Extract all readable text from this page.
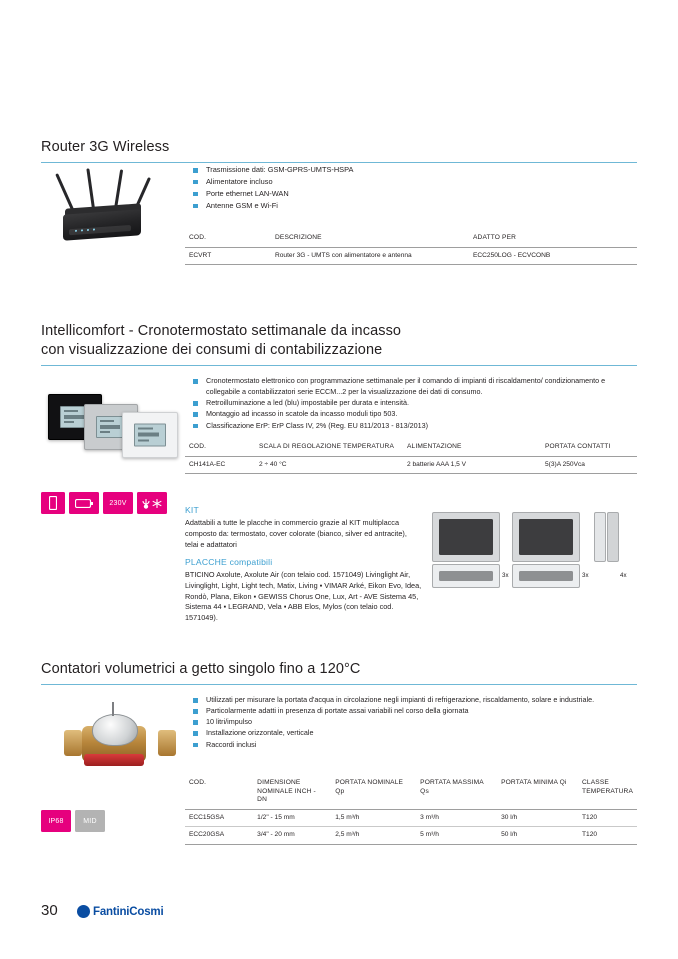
Router 3G Wireless
Trasmissione dati: GSM-GPRS-UMTS-HSPA
Alimentatore incluso
Porte ethernet LAN-WAN
Antenne GSM e Wi-Fi
COD.	DESCRIZIONE	ADATTO PER
ECVRT	Router 3G - UMTS con alimentatore e antenna	ECC250LOG - ECVCONB
Intellicomfort - Cronotermostato settimanale da incasso
con visualizzazione dei consumi di contabilizzazione
Cronotermostato elettronico con programmazione settimanale per il comando di impianti di riscaldamento/ condizionamento e collegabile a contabilizzatori serie ECCM...2 per la visualizzazione dei dati di consumo.
Retroilluminazione a led (blu) impostabile per durata e intensità.
Montaggio ad incasso in scatole da incasso moduli tipo 503.
Classificazione ErP: ErP Class IV, 2% (Reg. EU 811/2013 - 813/2013)
COD.	SCALA DI REGOLAZIONE TEMPERATURA	ALIMENTAZIONE	PORTATA CONTATTI
CH141A-EC	2 ÷ 40 °C	2 batterie AAA 1,5 V	5(3)A 250Vca
230V

KIT

Adattabili a tutte le placche in commercio grazie al KIT multiplacca composto da: termostato, cover colorate (bianco, silver ed antracite), telai e adattatori

PLACCHE compatibili

BTICINO Axolute, Axolute Air (con telaio cod. 1571049) Livinglight Air, Livinglight, Light, Light tech, Matix, Living ▪ VIMAR Arké, Eikon Evo, Idea, Rondò, Plana, Eikon ▪ GEWISS Chorus One, Lux, Art - AVE Sistema 45, Sistema 44 ▪ LEGRAND, Vela ▪ ABB Elos, Mylos (con telaio cod. 1571049).

3x	3x	4x
Contatori volumetrici a getto singolo fino a 120°C
Utilizzati per misurare la portata d'acqua in circolazione negli impianti di refrigerazione, riscaldamento, solare e industriale.
Particolarmente adatti in presenza di portate assai variabili nel corso della giornata
10 litri/impulso
Installazione orizzontale, verticale
Raccordi inclusi
IP68	MID
COD.	DIMENSIONE NOMINALE INCH - DN	PORTATA NOMINALE Qp	PORTATA MASSIMA Qs	PORTATA MINIMA Qi	CLASSE TEMPERATURA
ECC15GSA	1/2" - 15 mm	1,5 m³/h	3 m³/h	30 l/h	T120
ECC20GSA	3/4" - 20 mm	2,5 m³/h	5 m³/h	50 l/h	T120
30	FantiniCosmi
